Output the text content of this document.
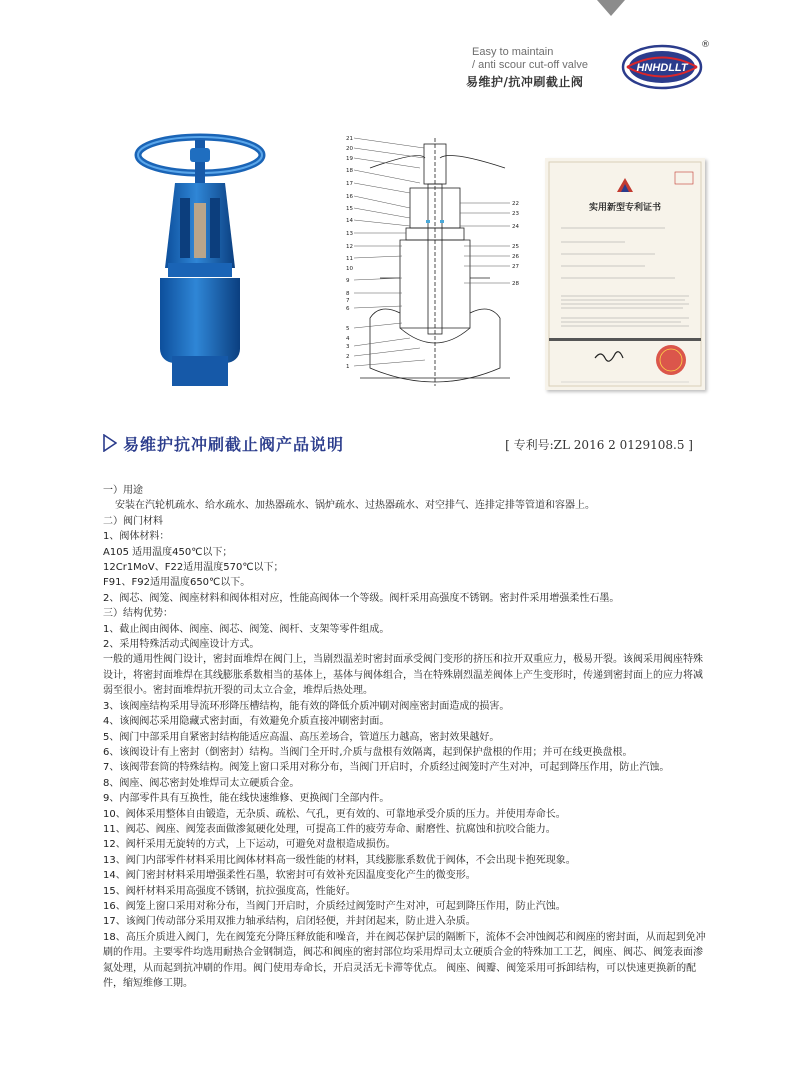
Easy to maintain
/ anti scour cut-off valve
易维护/抗冲刷截止阀
HNHDLLT
®
21
20
19
18
17
16
15
14
13
12
11
10
9
8
7
6
5
4
3
2
1
22
23
24
25
26
27
28
实用新型专利证书
易维护抗冲刷截止阀产品说明	[ 专利号:ZL 2016 2 0129108.5 ]

一）用途

安装在汽轮机疏水、给水疏水、加热器疏水、锅炉疏水、过热器疏水、对空排气、连排定排等管道和容器上。

二）阀门材料

1、阀体材料：

A105 适用温度450℃以下；

12Cr1MoV、F22适用温度570℃以下；

F91、F92适用温度650℃以下。

2、阀芯、阀笼、阀座材料和阀体相对应，性能高阀体一个等级。阀杆采用高强度不锈钢。密封件采用增强柔性石墨。

三）结构优势：

1、截止阀由阀体、阀座、阀芯、阀笼、阀杆、支架等零件组成。

2、采用特殊活动式阀座设计方式。

一般的通用性阀门设计，密封面堆焊在阀门上，当剧烈温差时密封面承受阀门变形的挤压和拉开双重应力，极易开裂。该阀采用阀座特殊设计，将密封面堆焊在其线膨胀系数相当的基体上，基体与阀体组合，当在特殊剧烈温差阀体上产生变形时，传递到密封面上的应力将减弱至很小。密封面堆焊抗开裂的司太立合金，堆焊后热处理。

3、该阀座结构采用导流环形降压槽结构，能有效的降低介质冲刷对阀座密封面造成的损害。

4、该阀阀芯采用隐藏式密封面，有效避免介质直接冲刷密封面。

5、阀门中部采用自紧密封结构能适应高温、高压差场合，管道压力越高，密封效果越好。

6、该阀设计有上密封（倒密封）结构。当阀门全开时,介质与盘根有效隔离，起到保护盘根的作用；并可在线更换盘根。

7、该阀带套筒的特殊结构。阀笼上窗口采用对称分布，当阀门开启时，介质经过阀笼时产生对冲，可起到降压作用，防止汽蚀。

8、阀座、阀芯密封处堆焊司太立硬质合金。

9、内部零件具有互换性，能在线快速维修、更换阀门全部内件。

10、阀体采用整体自由锻造，无杂质、疏松、气孔，更有效的、可靠地承受介质的压力。并使用寿命长。

11、阀芯、阀座、阀笼表面做渗氮硬化处理，可提高工件的疲劳寿命、耐磨性、抗腐蚀和抗咬合能力。

12、阀杆采用无旋转的方式，上下运动，可避免对盘根造成损伤。

13、阀门内部零件材料采用比阀体材料高一级性能的材料，其线膨胀系数优于阀体，不会出现卡抱死现象。

14、阀门密封材料采用增强柔性石墨，软密封可有效补充因温度变化产生的微变形。

15、阀杆材料采用高强度不锈钢，抗拉强度高，性能好。

16、阀笼上窗口采用对称分布，当阀门开启时，介质经过阀笼时产生对冲，可起到降压作用，防止汽蚀。

17、该阀门传动部分采用双推力轴承结构，启闭轻便，并封闭起来，防止进入杂质。

18、高压介质进入阀门，先在阀笼充分降压释放能和噪音，并在阀芯保护层的隔断下，流体不会冲蚀阀芯和阀座的密封面，从而起到免冲刷的作用。主要零件均选用耐热合金钢制造，阀芯和阀座的密封部位均采用焊司太立硬质合金的特殊加工工艺，阀座、阀芯、阀笼表面渗氮处理，从而起到抗冲刷的作用。阀门使用寿命长，开启灵活无卡滞等优点。 阀座、阀瓣、阀笼采用可拆卸结构，可以快速更换新的配件，缩短维修工期。
